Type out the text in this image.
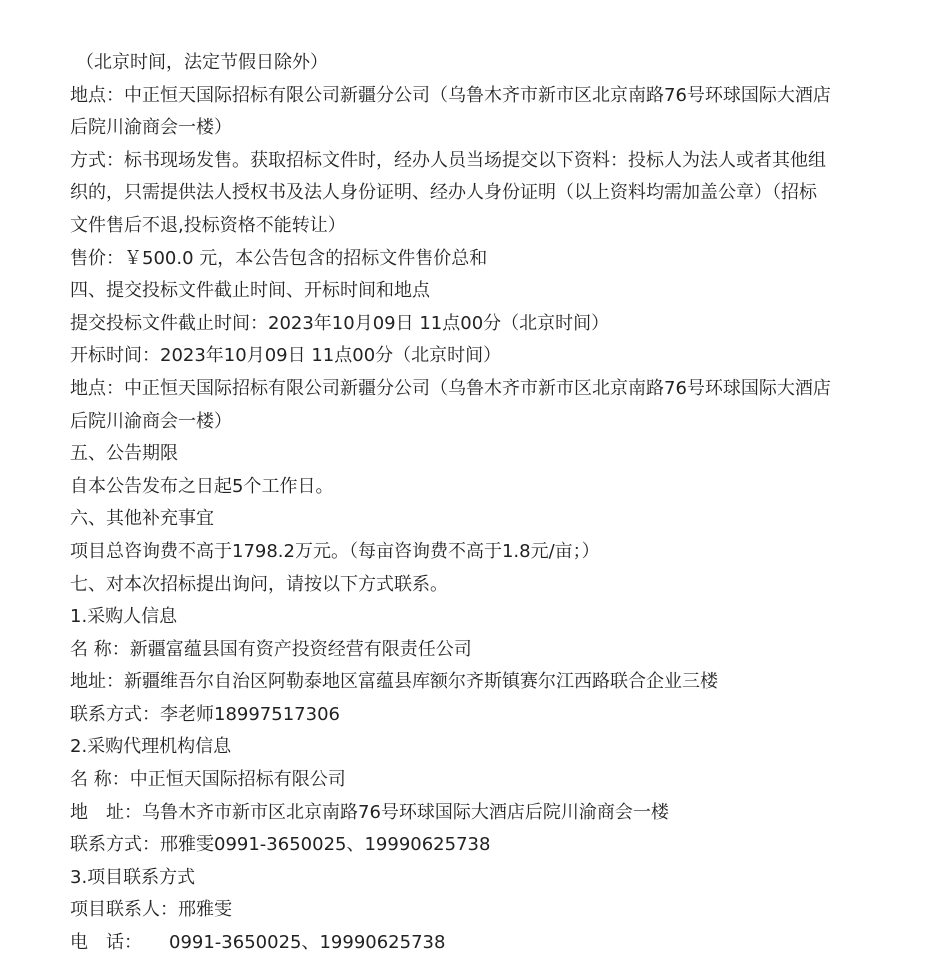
（北京时间，法定节假日除外）

地点：中正恒天国际招标有限公司新疆分公司（乌鲁木齐市新市区北京南路76号环球国际大酒店

后院川渝商会一楼）

方式：标书现场发售。获取招标文件时，经办人员当场提交以下资料：投标人为法人或者其他组

织的，只需提供法人授权书及法人身份证明、经办人身份证明（以上资料均需加盖公章）（招标

文件售后不退,投标资格不能转让）

售价：￥500.0 元，本公告包含的招标文件售价总和

四、提交投标文件截止时间、开标时间和地点

提交投标文件截止时间：2023年10月09日 11点00分（北京时间）

开标时间：2023年10月09日 11点00分（北京时间）

地点：中正恒天国际招标有限公司新疆分公司（乌鲁木齐市新市区北京南路76号环球国际大酒店

后院川渝商会一楼）

五、公告期限

自本公告发布之日起5个工作日。

六、其他补充事宜

项目总咨询费不高于1798.2万元。（每亩咨询费不高于1.8元/亩；）

七、对本次招标提出询问，请按以下方式联系。

1.采购人信息

名 称：新疆富蕴县国有资产投资经营有限责任公司

地址：新疆维吾尔自治区阿勒泰地区富蕴县库额尔齐斯镇赛尔江西路联合企业三楼

联系方式：李老师18997517306

2.采购代理机构信息

名 称：中正恒天国际招标有限公司

地　址：乌鲁木齐市新市区北京南路76号环球国际大酒店后院川渝商会一楼

联系方式：邢雅雯0991-3650025、19990625738

3.项目联系方式

项目联系人：邢雅雯

电　话：　　0991-3650025、19990625738
